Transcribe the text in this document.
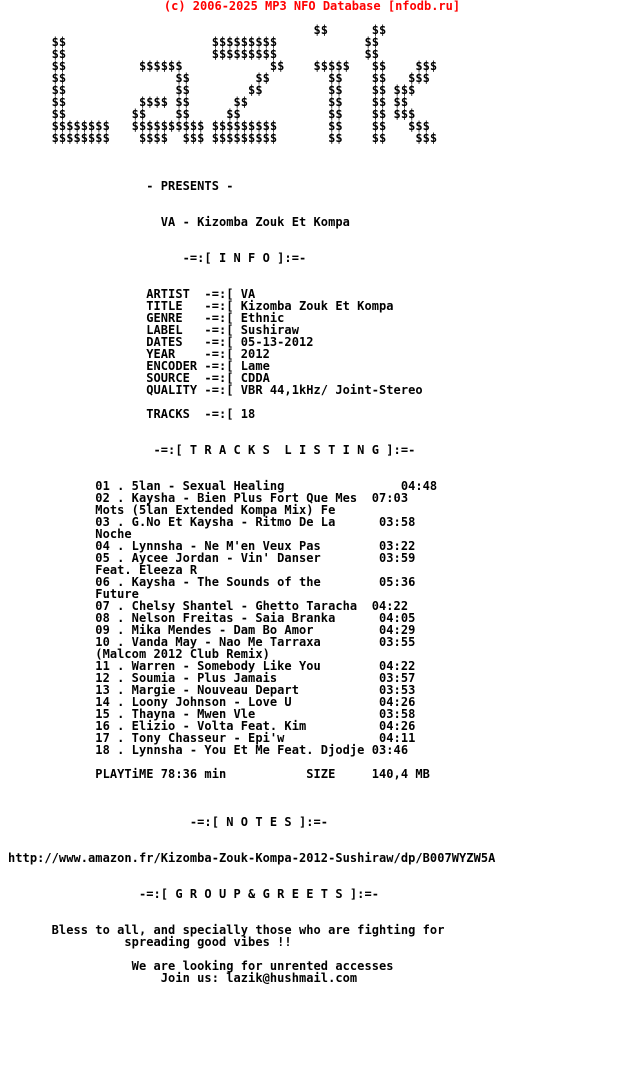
(c) 2006-2025 MP3 NFO Database [nfodb.ru]
$$      $$
$$                    $$$$$$$$$            $$
$$                    $$$$$$$$$            $$
$$          $$$$$$            $$    $$$$$   $$    $$$
$$               $$         $$        $$    $$   $$$
$$               $$        $$         $$    $$ $$$
$$          $$$$ $$      $$           $$    $$ $$
$$         $$    $$     $$            $$    $$ $$$
$$$$$$$$   $$$$$$$$$$ $$$$$$$$$       $$    $$   $$$
$$$$$$$$    $$$$  $$$ $$$$$$$$$       $$    $$    $$$
- PRESENTS -
VA - Kizomba Zouk Et Kompa
-=:[ I N F O ]:=-
ARTIST  -=:[ VA
TITLE   -=:[ Kizomba Zouk Et Kompa
GENRE   -=:[ Ethnic
LABEL   -=:[ Sushiraw
DATES   -=:[ 05-13-2012
YEAR    -=:[ 2012
ENCODER -=:[ Lame
SOURCE  -=:[ CDDA
QUALITY -=:[ VBR 44,1kHz/ Joint-Stereo
TRACKS  -=:[ 18
-=:[ T R A C K S  L I S T I N G ]:=-
01 . 5lan - Sexual Healing                04:48
02 . Kaysha - Bien Plus Fort Que Mes  07:03
Mots (5lan Extended Kompa Mix) Fe
03 . G.No Et Kaysha - Ritmo De La      03:58
Noche
04 . Lynnsha - Ne M'en Veux Pas        03:22
05 . Aycee Jordan - Vin' Danser        03:59
Feat. Eleeza R
06 . Kaysha - The Sounds of the        05:36
Future
07 . Chelsy Shantel - Ghetto Taracha  04:22
08 . Nelson Freitas - Saia Branka      04:05
09 . Mika Mendes - Dam Bo Amor         04:29
10 . Vanda May - Nao Me Tarraxa        03:55
(Malcom 2012 Club Remix)
11 . Warren - Somebody Like You        04:22
12 . Soumia - Plus Jamais              03:57
13 . Margie - Nouveau Depart           03:53
14 . Loony Johnson - Love U            04:26
15 . Thayna - Mwen Vle                 03:58
16 . Elizio - Volta Feat. Kim          04:26
17 . Tony Chasseur - Epi'w             04:11
18 . Lynnsha - You Et Me Feat. Djodje 03:46
PLAYTiME 78:36 min           SIZE     140,4 MB
-=:[ N O T E S ]:=-
http://www.amazon.fr/Kizomba-Zouk-Kompa-2012-Sushiraw/dp/B007WYZW5A
-=:[ G R O U P & G R E E T S ]:=-
Bless to all, and specially those who are fighting for
spreading good vibes !!
We are looking for unrented accesses
Join us: lazik@hushmail.com
